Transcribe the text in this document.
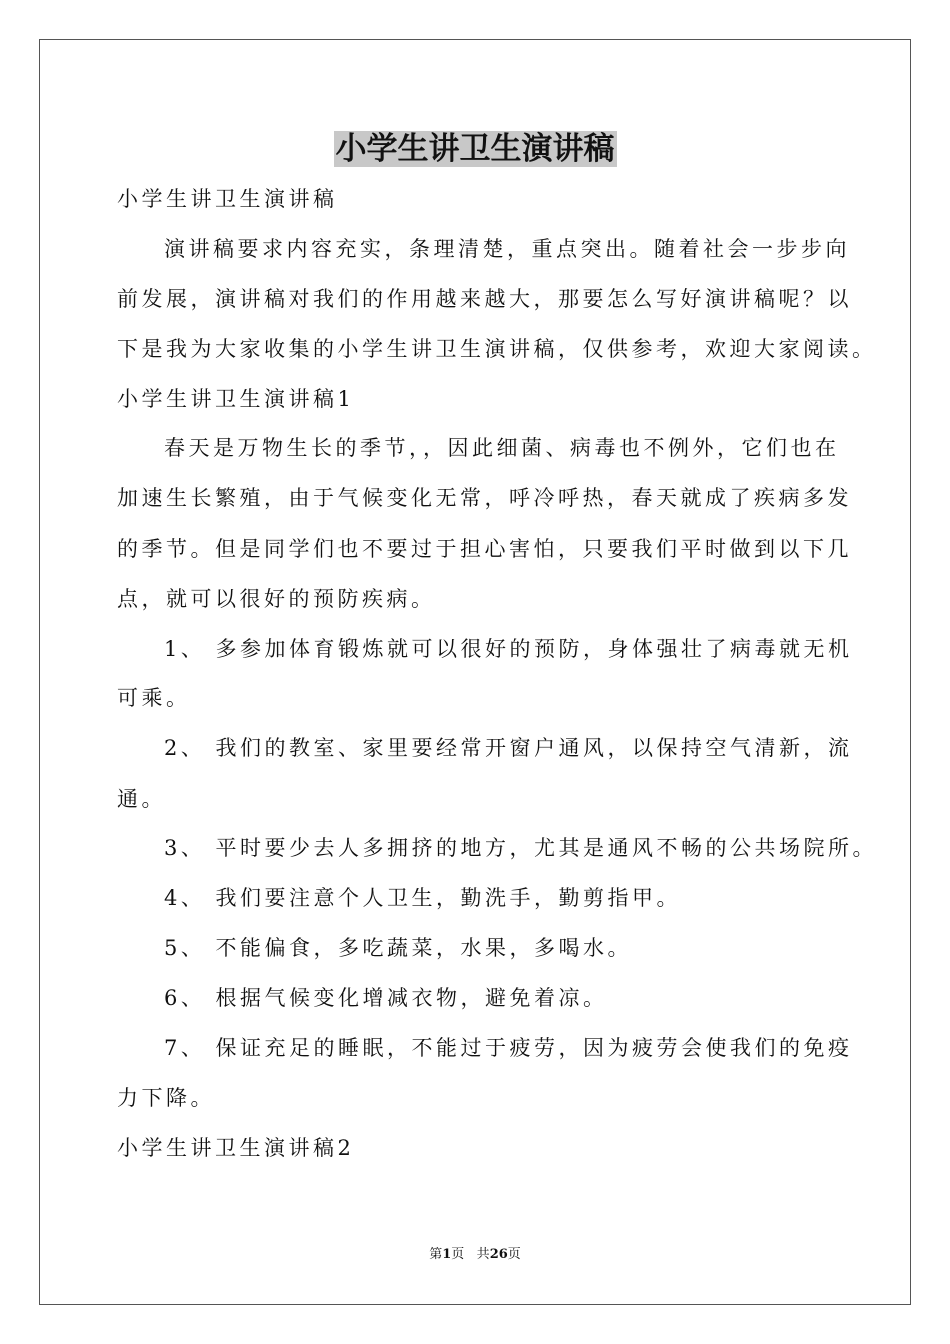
小学生讲卫生演讲稿
小学生讲卫生演讲稿
演讲稿要求内容充实，条理清楚，重点突出。随着社会一步步向
前发展，演讲稿对我们的作用越来越大，那要怎么写好演讲稿呢？以
下是我为大家收集的小学生讲卫生演讲稿，仅供参考，欢迎大家阅读。
小学生讲卫生演讲稿1
春天是万物生长的季节，，因此细菌、病毒也不例外，它们也在
加速生长繁殖，由于气候变化无常，呼冷呼热，春天就成了疾病多发
的季节。但是同学们也不要过于担心害怕，只要我们平时做到以下几
点，就可以很好的预防疾病。
1、 多参加体育锻炼就可以很好的预防，身体强壮了病毒就无机
可乘。
2、 我们的教室、家里要经常开窗户通风，以保持空气清新，流
通。
3、 平时要少去人多拥挤的地方，尤其是通风不畅的公共场院所。
4、 我们要注意个人卫生，勤洗手，勤剪指甲。
5、 不能偏食，多吃蔬菜，水果，多喝水。
6、 根据气候变化增减衣物，避免着凉。
7、 保证充足的睡眠，不能过于疲劳，因为疲劳会使我们的免疫
力下降。
小学生讲卫生演讲稿2
第1页 共26页
